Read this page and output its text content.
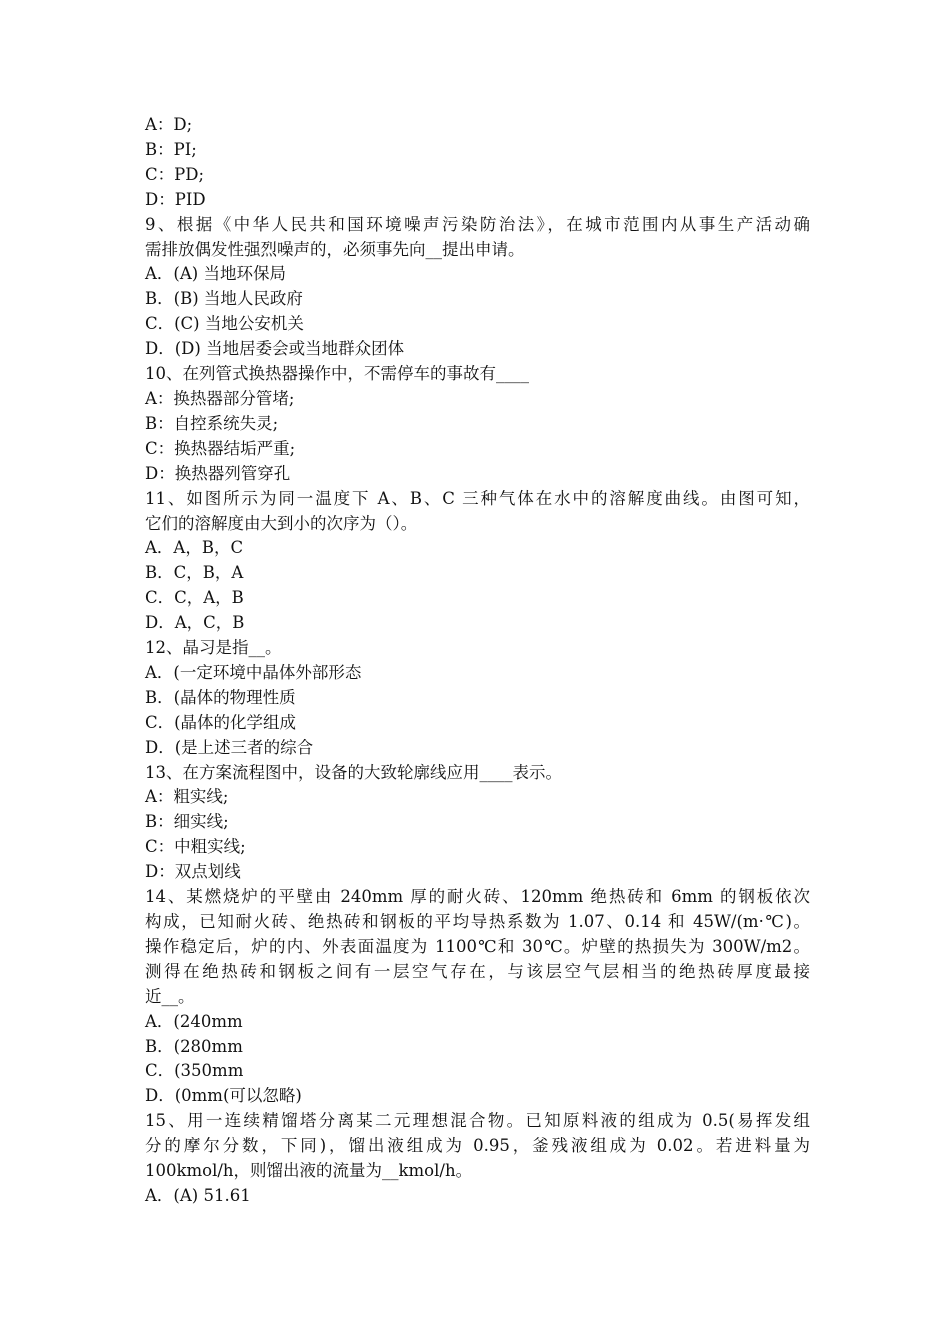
A：D;
B：PI;
C：PD;
D：PID
9、根据《中华人民共和国环境噪声污染防治法》，在城市范围内从事生产活动确
需排放偶发性强烈噪声的，必须事先向__提出申请。
A．(A) 当地环保局
B．(B) 当地人民政府
C．(C) 当地公安机关
D．(D) 当地居委会或当地群众团体
10、在列管式换热器操作中，不需停车的事故有____
A：换热器部分管堵;
B：自控系统失灵;
C：换热器结垢严重;
D：换热器列管穿孔
11、如图所示为同一温度下 A、B、C 三种气体在水中的溶解度曲线。由图可知，
它们的溶解度由大到小的次序为（）。
A．A，B，C
B．C，B，A
C．C，A，B
D．A，C，B
12、晶习是指__。
A．(一定环境中晶体外部形态
B．(晶体的物理性质
C．(晶体的化学组成
D．(是上述三者的综合
13、在方案流程图中，设备的大致轮廓线应用____表示。
A：粗实线;
B：细实线;
C：中粗实线;
D：双点划线
14、某燃烧炉的平壁由 240mm 厚的耐火砖、120mm 绝热砖和 6mm 的钢板依次
构成，已知耐火砖、绝热砖和钢板的平均导热系数为 1.07、0.14 和 45W/(m·℃)。
操作稳定后，炉的内、外表面温度为 1100℃和 30℃。炉壁的热损失为 300W/m2。
测得在绝热砖和钢板之间有一层空气存在，与该层空气层相当的绝热砖厚度最接
近__。
A．(240mm
B．(280mm
C．(350mm
D．(0mm(可以忽略)
15、用一连续精馏塔分离某二元理想混合物。已知原料液的组成为 0.5(易挥发组
分的摩尔分数，下同)，馏出液组成为 0.95，釜残液组成为 0.02。若进料量为
100kmol/h，则馏出液的流量为__kmol/h。
A．(A) 51.61
